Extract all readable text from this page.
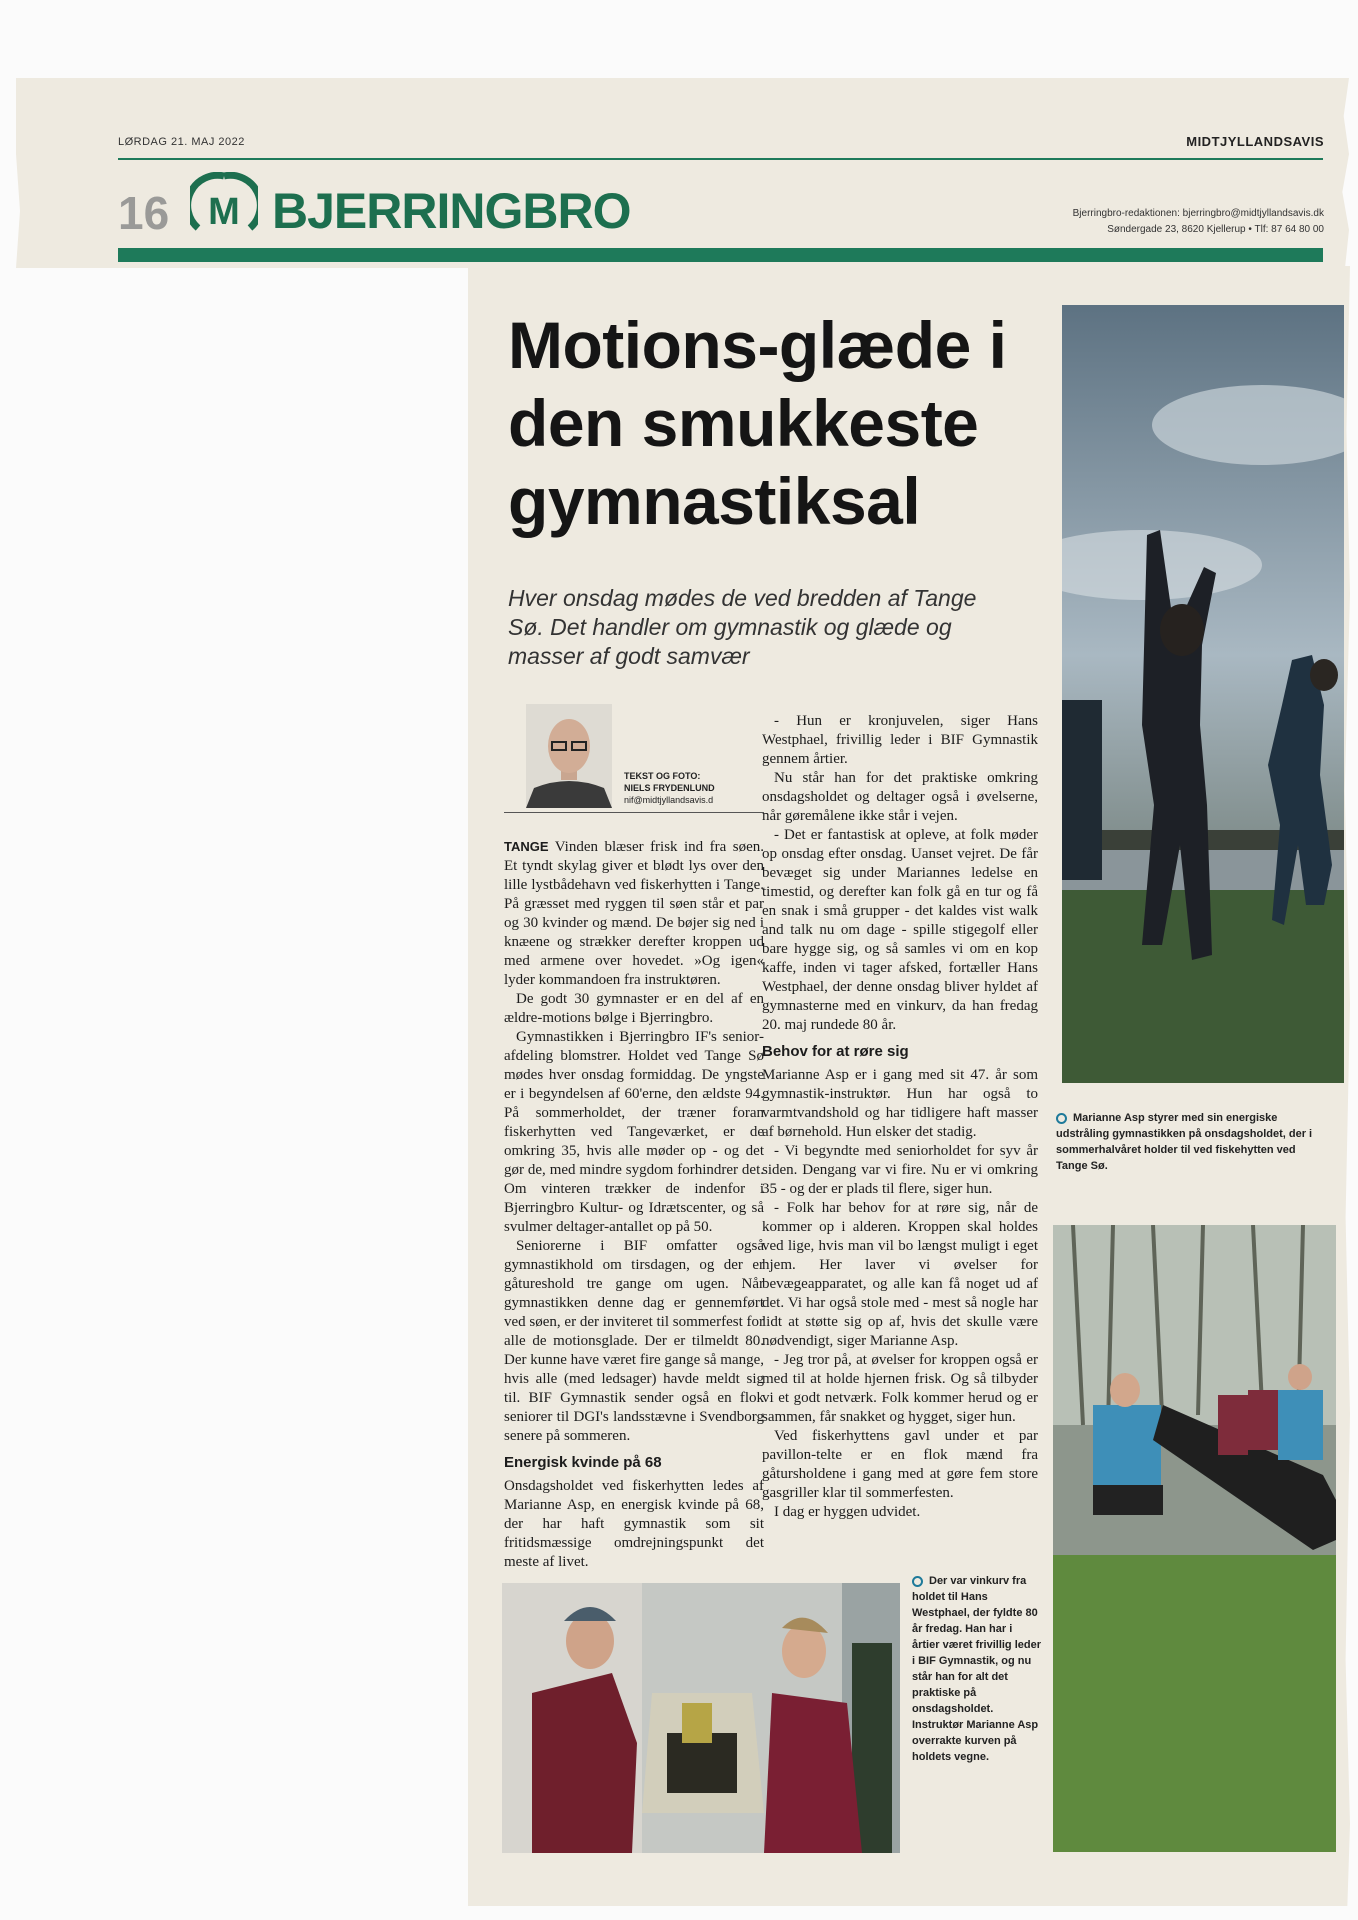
LØRDAG 21. MAJ 2022	MIDTJYLLANDSAVIS
16 M BJERRINGBRO	Bjerringbro-redaktionen: bjerringbro@midtjyllandsavis.dk
Søndergade 23, 8620 Kjellerup • Tlf: 87 64 80 00
Motions-glæde i den smukkeste gymnastiksal
Hver onsdag mødes de ved bredden af Tange Sø. Det handler om gymnastik og glæde og masser af godt samvær
TEKST OG FOTO:
NIELS FRYDENLUND
nif@midtjyllandsavis.d

TANGE Vinden blæser frisk ind fra søen. Et tyndt skylag giver et blødt lys over den lille lystbådehavn ved fiskerhytten i Tange. På græsset med ryggen til søen står et par og 30 kvinder og mænd. De bøjer sig ned i knæene og strækker derefter kroppen ud med armene over hovedet. »Og igen« lyder kommandoen fra instruktøren.

De godt 30 gymnaster er en del af en ældre-motions bølge i Bjerringbro.

Gymnastikken i Bjerringbro IF's senior-afdeling blomstrer. Holdet ved Tange Sø mødes hver onsdag formiddag. De yngste er i begyndelsen af 60'erne, den ældste 94. På sommerholdet, der træner foran fiskerhytten ved Tangeværket, er de omkring 35, hvis alle møder op - og det gør de, med mindre sygdom forhindrer det. Om vinteren trækker de indenfor i Bjerringbro Kultur- og Idrætscenter, og så svulmer deltager-antallet op på 50.

Seniorerne i BIF omfatter også gymnastikhold om tirsdagen, og der er gåtureshold tre gange om ugen. Når gymnastikken denne dag er gennemført ved søen, er der inviteret til sommerfest for alle de motionsglade. Der er tilmeldt 80. Der kunne have været fire gange så mange, hvis alle (med ledsager) havde meldt sig til. BIF Gymnastik sender også en flok seniorer til DGI's landsstævne i Svendborg senere på sommeren.

Energisk kvinde på 68

Onsdagsholdet ved fiskerhytten ledes af Marianne Asp, en energisk kvinde på 68, der har haft gymnastik som sit fritidsmæssige omdrejningspunkt det meste af livet.

- Hun er kronjuvelen, siger Hans Westphael, frivillig leder i BIF Gymnastik gennem årtier.

Nu står han for det praktiske omkring onsdagsholdet og deltager også i øvelserne, når gøremålene ikke står i vejen.

- Det er fantastisk at opleve, at folk møder op onsdag efter onsdag. Uanset vejret. De får bevæget sig under Mariannes ledelse en timestid, og derefter kan folk gå en tur og få en snak i små grupper - det kaldes vist walk and talk nu om dage - spille stigegolf eller bare hygge sig, og så samles vi om en kop kaffe, inden vi tager afsked, fortæller Hans Westphael, der denne onsdag bliver hyldet af gymnasterne med en vinkurv, da han fredag 20. maj rundede 80 år.

Behov for at røre sig

Marianne Asp er i gang med sit 47. år som gymnastik-instruktør. Hun har også to varmtvandshold og har tidligere haft masser af børnehold. Hun elsker det stadig.

- Vi begyndte med seniorholdet for syv år siden. Dengang var vi fire. Nu er vi omkring 35 - og der er plads til flere, siger hun.

- Folk har behov for at røre sig, når de kommer op i alderen. Kroppen skal holdes ved lige, hvis man vil bo længst muligt i eget hjem. Her laver vi øvelser for bevægeapparatet, og alle kan få noget ud af det. Vi har også stole med - mest så nogle har lidt at støtte sig op af, hvis det skulle være nødvendigt, siger Marianne Asp.

- Jeg tror på, at øvelser for kroppen også er med til at holde hjernen frisk. Og så tilbyder vi et godt netværk. Folk kommer herud og er sammen, får snakket og hygget, siger hun.

Ved fiskerhyttens gavl under et par pavillon-telte er en flok mænd fra gåtursholdene i gang med at gøre fem store gasgriller klar til sommerfesten.

I dag er hyggen udvidet.

Marianne Asp styrer med sin energiske udstråling gymnastikken på onsdagsholdet, der i sommerhalvåret holder til ved fiskehytten ved Tange Sø.
Der var vinkurv fra holdet til Hans Westphael, der fyldte 80 år fredag. Han har i årtier været frivillig leder i BIF Gymnastik, og nu står han for alt det praktiske på onsdagsholdet. Instruktør Marianne Asp overrakte kurven på holdets vegne.
